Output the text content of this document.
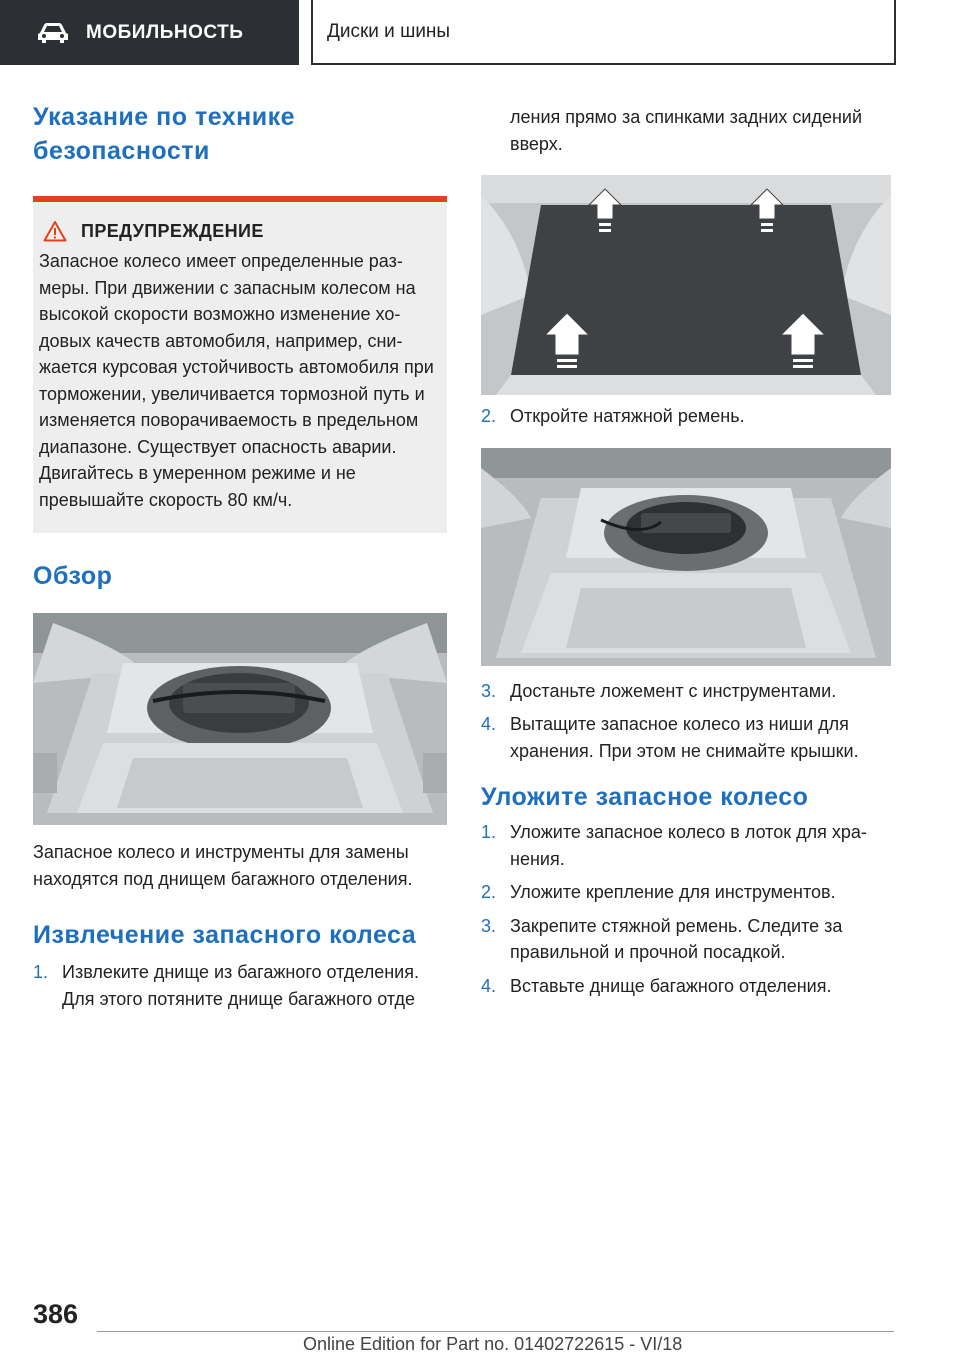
МОБИЛЬНОСТЬ	Диски и шины
Указание по технике безопасности
ПРЕДУПРЕЖДЕНИЕ

Запасное колесо имеет определенные размеры. При движении с запасным колесом на высокой скорости возможно изменение ходовых качеств автомобиля, например, снижается курсовая устойчивость автомобиля при торможении, увеличивается тормозной путь и изменяется поворачиваемость в предельном диапазоне. Существует опасность аварии. Двигайтесь в умеренном режиме и не превышайте скорость 80 км/ч.

Обзор

Запасное колесо и инструменты для замены находятся под днищем багажного отделения.

Извлечение запасного колеса
1. Извлеките днище из багажного отделения. Для этого потяните днище багажного отде

ления прямо за спинками задних сидений вверх.

2. Откройте натяжной ремень.
3. Достаньте ложемент с инструментами.
4. Вытащите запасное колесо из ниши для хранения. При этом не снимайте крышки.
Уложите запасное колесо
1. Уложите запасное колесо в лоток для хранения.
2. Уложите крепление для инструментов.
3. Закрепите стяжной ремень. Следите за правильной и прочной посадкой.
4. Вставьте днище багажного отделения.
386
Online Edition for Part no. 01402722615 - VI/18
